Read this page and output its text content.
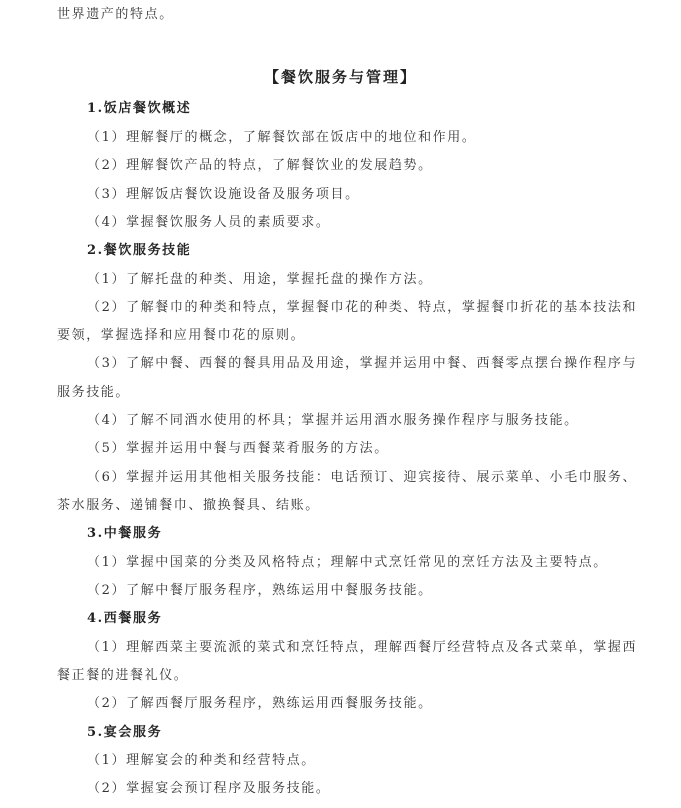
世界遗产的特点。

【餐饮服务与管理】

1.饭店餐饮概述

（1）理解餐厅的概念，了解餐饮部在饭店中的地位和作用。

（2）理解餐饮产品的特点，了解餐饮业的发展趋势。

（3）理解饭店餐饮设施设备及服务项目。

（4）掌握餐饮服务人员的素质要求。

2.餐饮服务技能

（1）了解托盘的种类、用途，掌握托盘的操作方法。

（2）了解餐巾的种类和特点，掌握餐巾花的种类、特点，掌握餐巾折花的基本技法和

要领，掌握选择和应用餐巾花的原则。

（3）了解中餐、西餐的餐具用品及用途，掌握并运用中餐、西餐零点摆台操作程序与

服务技能。

（4）了解不同酒水使用的杯具；掌握并运用酒水服务操作程序与服务技能。

（5）掌握并运用中餐与西餐菜肴服务的方法。

（6）掌握并运用其他相关服务技能：电话预订、迎宾接待、展示菜单、小毛巾服务、

茶水服务、递铺餐巾、撤换餐具、结账。

3.中餐服务

（1）掌握中国菜的分类及风格特点；理解中式烹饪常见的烹饪方法及主要特点。

（2）了解中餐厅服务程序，熟练运用中餐服务技能。

4.西餐服务

（1）理解西菜主要流派的菜式和烹饪特点，理解西餐厅经营特点及各式菜单，掌握西

餐正餐的进餐礼仪。

（2）了解西餐厅服务程序，熟练运用西餐服务技能。

5.宴会服务

（1）理解宴会的种类和经营特点。

（2）掌握宴会预订程序及服务技能。
